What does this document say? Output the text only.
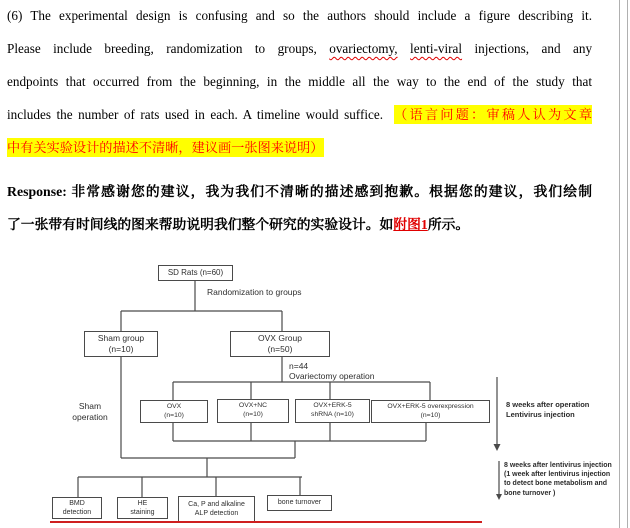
(6) The experimental design is confusing and so the authors should include a figure describing it.
Please include breeding, randomization to groups, ovariectomy, lenti-viral injections, and any
endpoints that occurred from the beginning, in the middle all the way to the end of the study that
includes the number of rats used in each. A timeline would suffice. （语言问题：审稿人认为文章
中有关实验设计的描述不清晰，建议画一张图来说明）
Response: 非常感谢您的建议，我为我们不清晰的描述感到抱歉。根据您的建议，我们绘制
了一张带有时间线的图来帮助说明我们整个研究的实验设计。如附图1所示。
SD Rats (n=60)
Sham group
(n=10)
OVX Group
(n=50)
OVX
(n=10)
OVX+NC
(n=10)
OVX+ERK-5
shRNA (n=10)
OVX+ERK-5 overexpression
(n=10)
BMD
detection
HE
staining
Ca, P and alkaline
ALP detection
bone turnover
Randomization to groups
n=44
Ovariectomy operation
Sham
operation
8 weeks after operation
Lentivirus injection
8 weeks after lentivirus injection
(1 week after lentivirus injection
to detect bone metabolism and
bone turnover )
